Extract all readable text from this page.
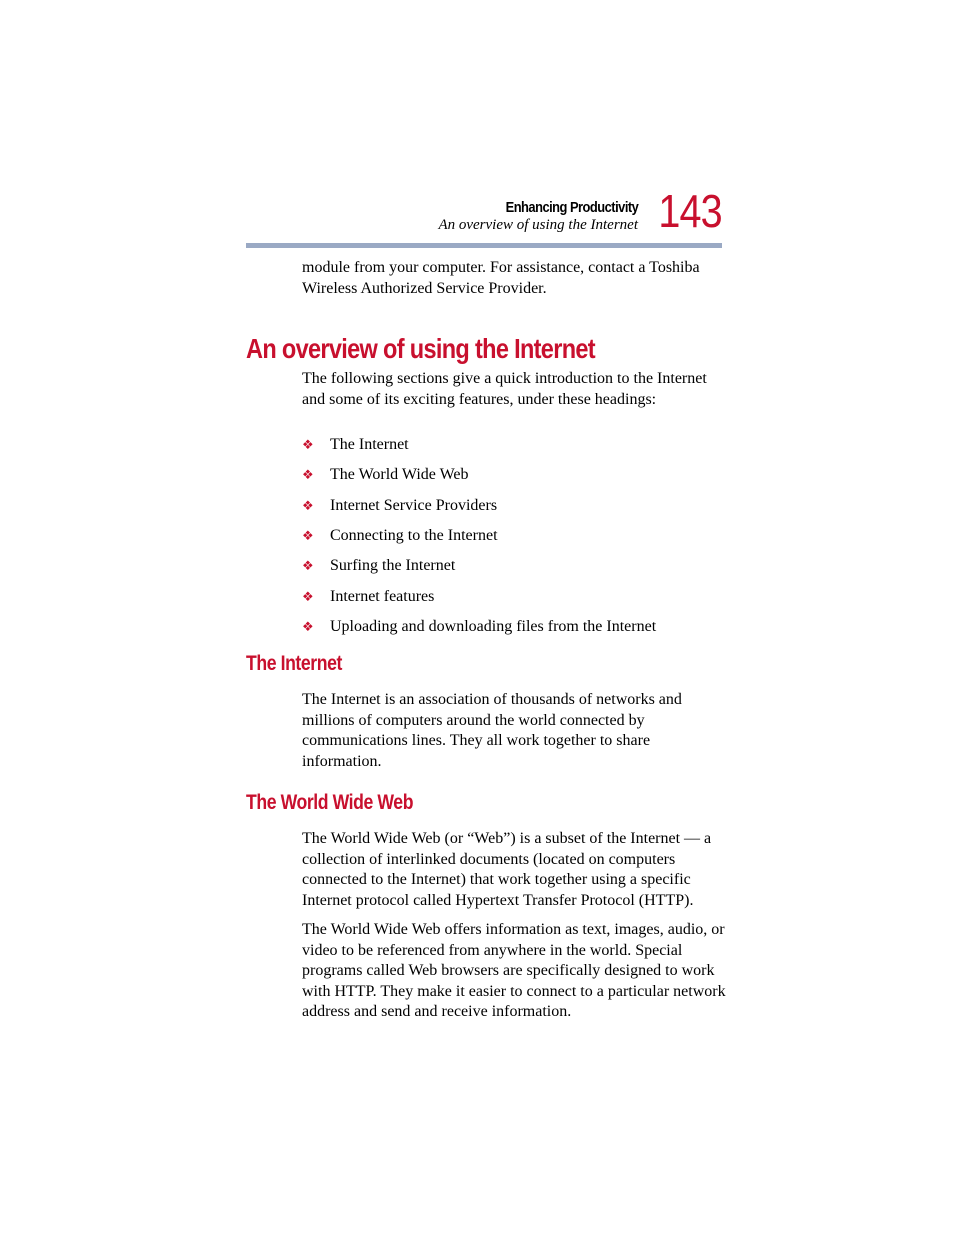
Enhancing Productivity
An overview of using the Internet 143

module from your computer. For assistance, contact a Toshiba Wireless Authorized Service Provider.

An overview of using the Internet

The following sections give a quick introduction to the Internet and some of its exciting features, under these headings:

❖	The Internet
❖	The World Wide Web
❖	Internet Service Providers
❖	Connecting to the Internet
❖	Surfing the Internet
❖	Internet features
❖	Uploading and downloading files from the Internet
The Internet

The Internet is an association of thousands of networks and millions of computers around the world connected by communications lines. They all work together to share information.

The World Wide Web

The World Wide Web (or “Web”) is a subset of the Internet — a collection of interlinked documents (located on computers connected to the Internet) that work together using a specific Internet protocol called Hypertext Transfer Protocol (HTTP).

The World Wide Web offers information as text, images, audio, or video to be referenced from anywhere in the world. Special programs called Web browsers are specifically designed to work with HTTP. They make it easier to connect to a particular network address and send and receive information.
